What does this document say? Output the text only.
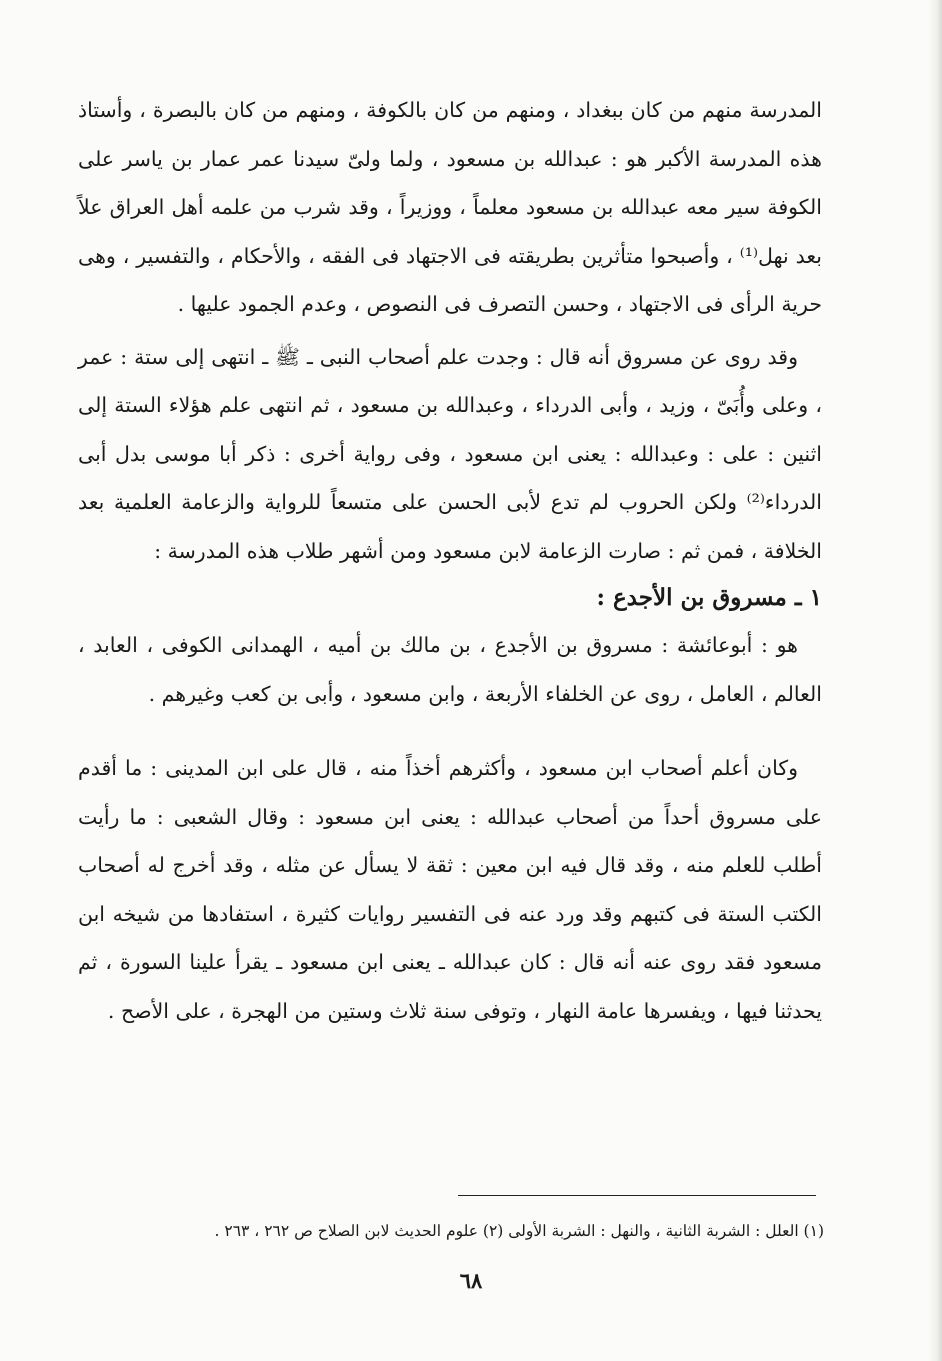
المدرسة منهم من كان ببغداد ، ومنهم من كان بالكوفة ، ومنهم من كان بالبصرة ، وأستاذ هذه المدرسة الأكبر هو : عبدالله بن مسعود ، ولما ولىّ سيدنا عمر عمار بن ياسر على الكوفة سير معه عبدالله بن مسعود معلماً ، ووزيراً ، وقد شرب من علمه أهل العراق علاً بعد نهل⁽¹⁾ ، وأصبحوا متأثرين بطريقته فى الاجتهاد فى الفقه ، والأحكام ، والتفسير ، وهى حرية الرأى فى الاجتهاد ، وحسن التصرف فى النصوص ، وعدم الجمود عليها .

وقد روى عن مسروق أنه قال : وجدت علم أصحاب النبى ـ ﷺ ـ انتهى إلى ستة : عمر ، وعلى وأُبَىّ ، وزيد ، وأبى الدرداء ، وعبدالله بن مسعود ، ثم انتهى علم هؤلاء الستة إلى اثنين : على : وعبدالله : يعنى ابن مسعود ، وفى رواية أخرى : ذكر أبا موسى بدل أبى الدرداء⁽²⁾ ولكن الحروب لم تدع لأبى الحسن على متسعاً للرواية والزعامة العلمية بعد الخلافة ، فمن ثم : صارت الزعامة لابن مسعود ومن أشهر طلاب هذه المدرسة :

١ ـ مسروق بن الأجدع :

هو : أبوعائشة : مسروق بن الأجدع ، بن مالك بن أميه ، الهمدانى الكوفى ، العابد ، العالم ، العامل ، روى عن الخلفاء الأربعة ، وابن مسعود ، وأبى بن كعب وغيرهم .

وكان أعلم أصحاب ابن مسعود ، وأكثرهم أخذاً منه ، قال على ابن المدينى : ما أقدم على مسروق أحداً من أصحاب عبدالله : يعنى ابن مسعود : وقال الشعبى : ما رأيت أطلب للعلم منه ، وقد قال فيه ابن معين : ثقة لا يسأل عن مثله ، وقد أخرج له أصحاب الكتب الستة فى كتبهم وقد ورد عنه فى التفسير روايات كثيرة ، استفادها من شيخه ابن مسعود فقد روى عنه أنه قال : كان عبدالله ـ يعنى ابن مسعود ـ يقرأ علينا السورة ، ثم يحدثنا فيها ، ويفسرها عامة النهار ، وتوفى سنة ثلاث وستين من الهجرة ، على الأصح .

(١) العلل : الشربة الثانية ، والنهل : الشربة الأولى (٢) علوم الحديث لابن الصلاح ص ٢٦٢ ، ٢٦٣ .
٦٨
